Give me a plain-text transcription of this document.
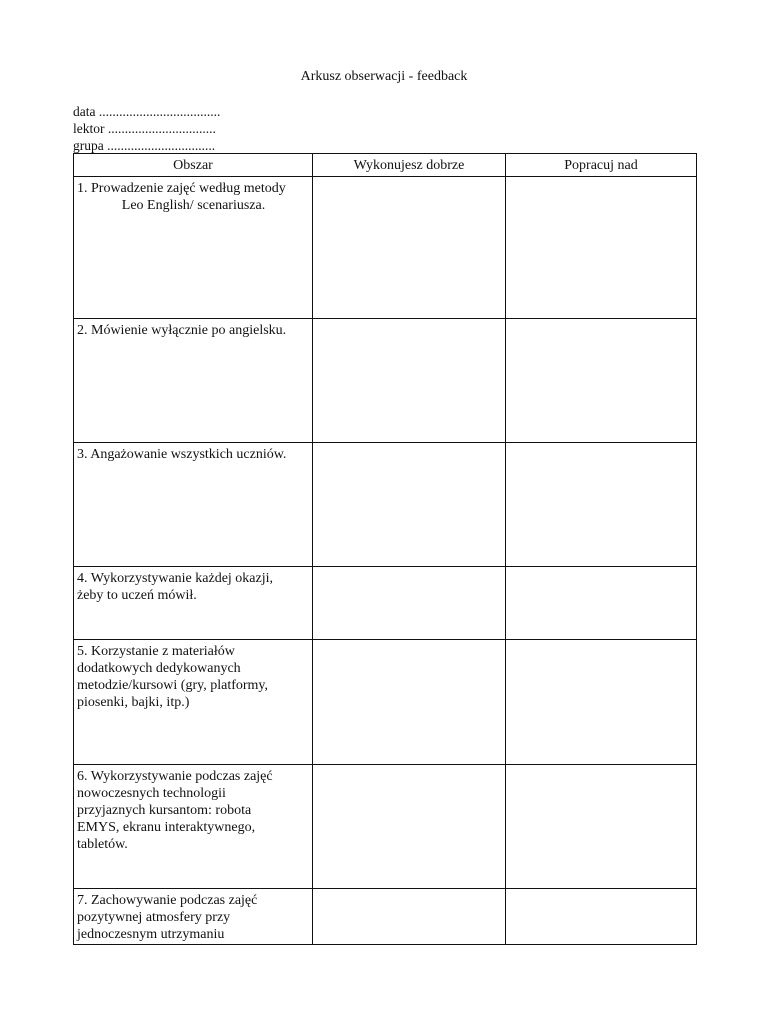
Arkusz obserwacji - feedback
data ....................................
lektor ................................
grupa ................................
Obszar	Wykonujesz dobrze	Popracuj nad

1. Prowadzenie zajęć według metody
Leo English/ scenariusza.		

2. Mówienie wyłącznie po angielsku.		

3. Angażowanie wszystkich uczniów.		

4. Wykorzystywanie każdej okazji,
żeby to uczeń mówił.		

5. Korzystanie z materiałów
dodatkowych dedykowanych
metodzie/kursowi (gry, platformy,
piosenki, bajki, itp.)		

6. Wykorzystywanie podczas zajęć
nowoczesnych technologii
przyjaznych kursantom: robota
EMYS, ekranu interaktywnego,
tabletów.		

7. Zachowywanie podczas zajęć
pozytywnej atmosfery przy
jednoczesnym utrzymaniu		
